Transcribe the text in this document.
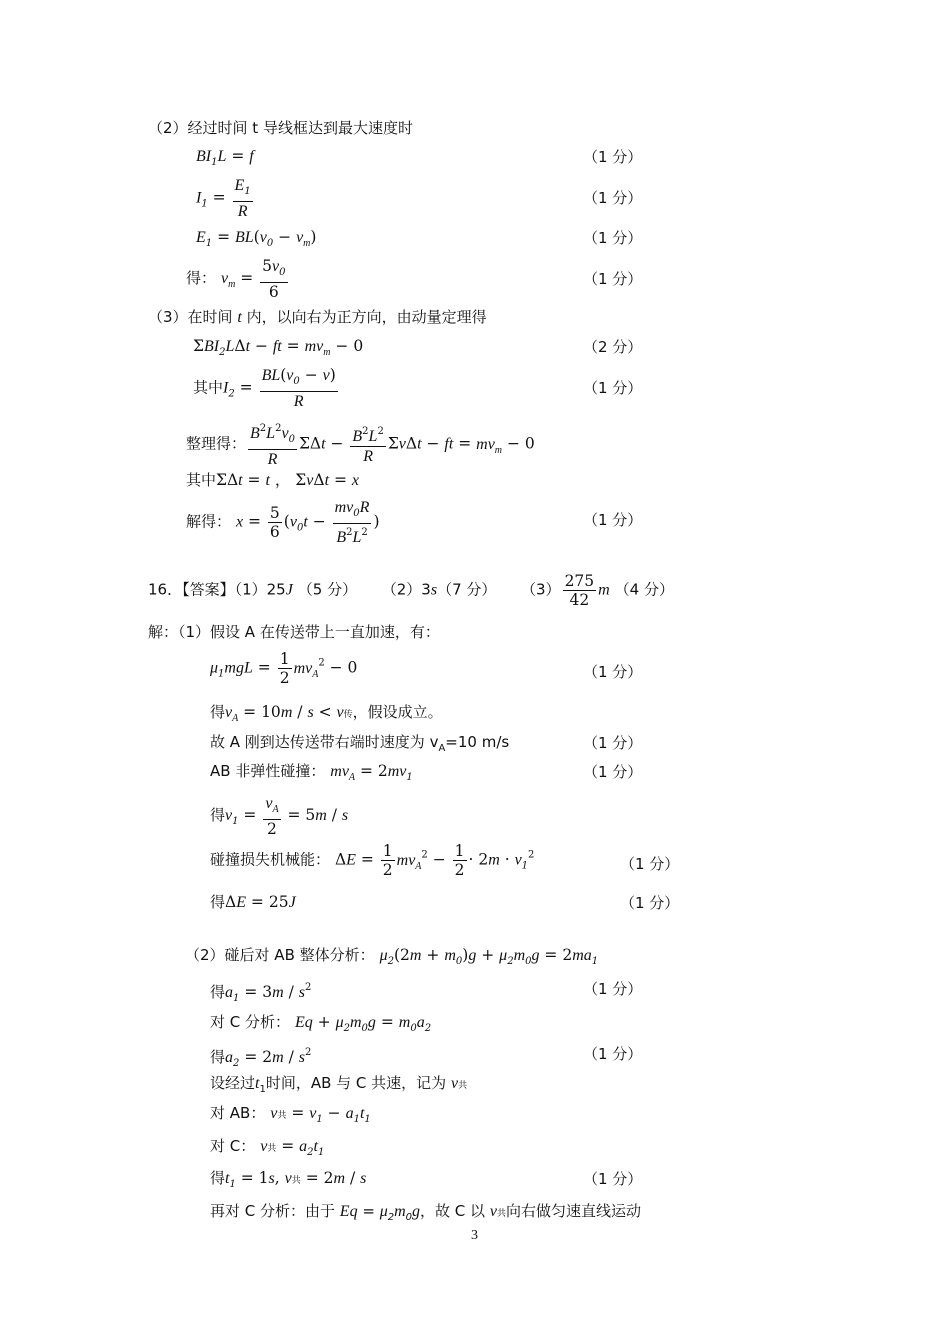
（2）经过时间 t 导线框达到最大速度时
$BI_1L = f$	（1 分）
$I_1 = \frac{E_1}{R}$	（1 分）
$E_1 = BL(v_0 - v_m)$	（1 分）
得： $v_m = \frac{5v_0}{6}$	（1 分）
（3）在时间 t 内，以向右为正方向，由动量定理得
$\Sigma BI_2L\Delta t$ − ft = $mv_m - 0$	（2 分）
其中$I_2 = \frac{BL(v_0 - v)}{R}$	（1 分）
整理得： $\frac{B^2L^2v_0}{R}$ $\Sigma\Delta t - \frac{B^2L^2}{R}$ ΣvΔt − ft = $mv_m - 0$
其中ΣΔt = t ， ΣvΔt = x
解得： $x = \frac{5}{6} (v_0t - \frac{mv_0R}{B^2L^2}$ )	（1 分）
16．【答案】（1）25J （5 分） （2）3s（7 分） $(3) \frac{275}{42}$ m （4 分）
解：（1）假设 A 在传送带上一直加速，有：
$\mu_1mgL = \frac{1}{2} mv_A^2 - 0$	（1 分）
得$v_A = 10m / s < v$传，假设成立。
故 A 刚到达传送带右端时速度为 $v_A=10$ m/s	（1 分）
AB 非弹性碰撞： $mv_A = 2mv_1$	（1 分）
得$v_1 = \frac{v_A}{2} = 5m / s$
碰撞损失机械能： $\Delta E = \frac{1}{2} mv_A^2 - \frac{1}{2} \cdot 2m \cdot v_1^2$	（1 分）
得ΔE = 25J	（1 分）
（2）碰后对 AB 整体分析： $\mu_2(2m + m_0)g + \mu_2m_0g = 2ma_1$
得$a_1 = 3m / s^2$	（1 分）
对 C 分析： $Eq + \mu_2m_0g = m_0a_2$
得$a_2 = 2m / s^2$	（1 分）
设经过$t_1$时间，AB 与 C 共速，记为 v共
对 AB： v共 = $v_1 - a_1t_1$
对 C： v共 = $a_2t_1$
得$t_1 = 1s$, v共 = 2m / s	（1 分）
再对 C 分析：由于 $Eq = \mu_2m_0g$，故 C 以 v共向右做匀速直线运动
3
